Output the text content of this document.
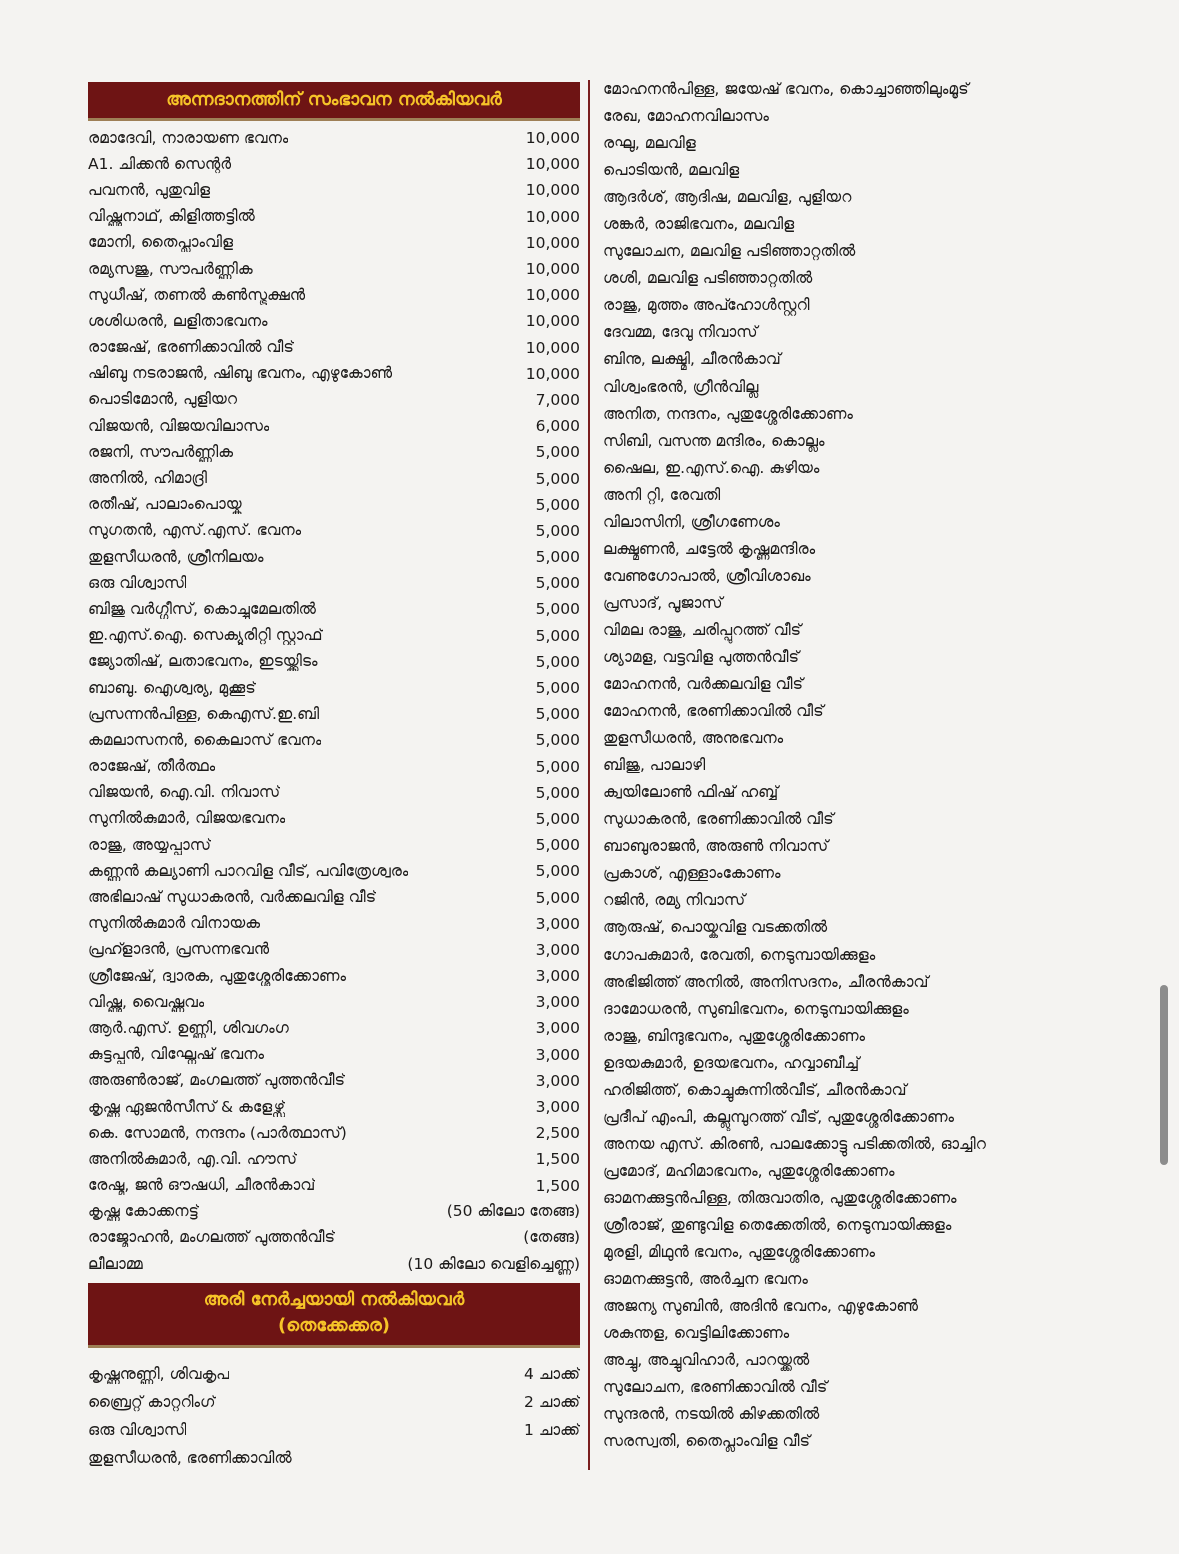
അന്നദാനത്തിന് സംഭാവന നൽകിയവർ
രമാദേവി, നാരായണ ഭവനം	10,000
A1. ചിക്കൻ സെന്റർ	10,000
പവനൻ, പുതുവിള	10,000
വിഷ്ണുനാഥ്, കിളിത്തട്ടിൽ	10,000
മോനി, തൈപ്ലാംവിള	10,000
രമ്യസജു, സൗപർണ്ണിക	10,000
സുധീഷ്, തണൽ കൺസ്ട്രക്ഷൻ	10,000
ശശിധരൻ, ലളിതാഭവനം	10,000
രാജേഷ്, ഭരണിക്കാവിൽ വീട്	10,000
ഷിബു നടരാജൻ, ഷിബു ഭവനം, എഴുകോൺ	10,000
പൊടിമോൻ, പുളിയറ	7,000
വിജയൻ, വിജയവിലാസം	6,000
രജനി, സൗപർണ്ണിക	5,000
അനിൽ, ഹിമാദ്രി	5,000
രതീഷ്, പാലാംപൊയ്ക	5,000
സുഗതൻ, എസ്.എസ്. ഭവനം	5,000
തുളസീധരൻ, ശ്രീനിലയം	5,000
ഒരു വിശ്വാസി	5,000
ബിജു വർഗ്ഗീസ്, കൊച്ചുമേലതിൽ	5,000
ഇ.എസ്.ഐ. സെക്യൂരിറ്റി സ്റ്റാഫ്	5,000
ജ്യോതിഷ്, ലതാഭവനം, ഇടയ്ക്കിടം	5,000
ബാബു. ഐശ്വര്യ, മുക്കൂട്	5,000
പ്രസന്നൻപിള്ള, കെഎസ്.ഇ.ബി	5,000
കമലാസനൻ, കൈലാസ് ഭവനം	5,000
രാജേഷ്, തീർത്ഥം	5,000
വിജയൻ, ഐ.വി. നിവാസ്	5,000
സുനിൽകുമാർ, വിജയഭവനം	5,000
രാജു, അയ്യപ്പാസ്	5,000
കണ്ണൻ കല്യാണി പാറവിള വീട്, പവിത്രേശ്വരം	5,000
അഭിലാഷ് സുധാകരൻ, വർക്കലവിള വീട്	5,000
സുനിൽകുമാർ വിനായക	3,000
പ്രഹ്ളാദൻ, പ്രസന്നഭവൻ	3,000
ശ്രീജേഷ്, ദ്വാരക, പുതുശ്ശേരിക്കോണം	3,000
വിഷ്ണു, വൈഷ്ണവം	3,000
ആർ.എസ്. ഉണ്ണി, ശിവഗംഗ	3,000
കുട്ടപ്പൻ, വിഘ്നേഷ് ഭവനം	3,000
അരുൺരാജ്, മംഗലത്ത് പുത്തൻവീട്	3,000
കൃഷ്ണ ഏജൻസീസ് & കളേഴ്സ്	3,000
കെ. സോമൻ, നന്ദനം (പാർത്ഥാസ്)	2,500
അനിൽകുമാർ, എ.വി. ഹൗസ്	1,500
രേഷ്മ, ജൻ ഔഷധി, ചീരൻകാവ്	1,500
കൃഷ്ണ കോക്കനട്ട്	(50 കിലോ തേങ്ങ)
രാജ്മോഹൻ, മംഗലത്ത് പുത്തൻവീട്	(തേങ്ങ)
ലീലാമ്മ	(10 കിലോ വെളിച്ചെണ്ണ)
അരി നേർച്ചയായി നൽകിയവർ
(തെക്കേക്കര)
കൃഷ്ണനുണ്ണി, ശിവകൃപ	4 ചാക്ക്
ബ്രൈറ്റ് കാറ്ററിംഗ്	2 ചാക്ക്
ഒരു വിശ്വാസി	1 ചാക്ക്
തുളസീധരൻ, ഭരണിക്കാവിൽ
മോഹനൻപിള്ള, ജയേഷ് ഭവനം, കൊച്ചാഞ്ഞിലുംമൂട്
രേഖ, മോഹനവിലാസം
രഘു, മലവിള
പൊടിയൻ, മലവിള
ആദർശ്, ആദിഷ, മലവിള, പുളിയറ
ശങ്കർ, രാജിഭവനം, മലവിള
സുലോചന, മലവിള പടിഞ്ഞാറ്റതിൽ
ശശി, മലവിള പടിഞ്ഞാറ്റതിൽ
രാജു, മുത്തം അപ്ഹോൾസ്റ്ററി
ദേവമ്മ, ദേവു നിവാസ്
ബിനു, ലക്ഷ്മി, ചീരൻകാവ്
വിശ്വംഭരൻ, ഗ്രീൻവില്ല
അനിത, നന്ദനം, പുതുശ്ശേരിക്കോണം
സിബി, വസന്ത മന്ദിരം, കൊല്ലം
ഷൈല, ഇ.എസ്.ഐ. കുഴിയം
അനി റ്റി, രേവതി
വിലാസിനി, ശ്രീഗണേശം
ലക്ഷ്മണൻ, ചട്ടേൽ കൃഷ്ണമന്ദിരം
വേണുഗോപാൽ, ശ്രീവിശാഖം
പ്രസാദ്, പൂജാസ്
വിമല രാജു, ചരിപ്പുറത്ത് വീട്
ശ്യാമള, വട്ടവിള പുത്തൻവീട്
മോഹനൻ, വർക്കലവിള വീട്
മോഹനൻ, ഭരണിക്കാവിൽ വീട്
തുളസീധരൻ, അനുഭവനം
ബിജു, പാലാഴി
ക്വയിലോൺ ഫിഷ് ഹബ്ബ്
സുധാകരൻ, ഭരണിക്കാവിൽ വീട്
ബാബുരാജൻ, അരുൺ നിവാസ്
പ്രകാശ്, എള്ളാംകോണം
റജിൻ, രമ്യ നിവാസ്
ആരുഷ്, പൊയ്കവിള വടക്കതിൽ
ഗോപകുമാർ, രേവതി, നെടുമ്പായിക്കുളം
അഭിജിത്ത് അനിൽ, അനിസദനം, ചീരൻകാവ്
ദാമോധരൻ, സുബിഭവനം, നെടുമ്പായിക്കുളം
രാജു, ബിന്ദുഭവനം, പുതുശ്ശേരിക്കോണം
ഉദയകുമാർ, ഉദയഭവനം, ഹവ്വാബീച്ച്
ഹരിജിത്ത്, കൊച്ചുകുന്നിൽവീട്, ചീരൻകാവ്
പ്രദീപ് എംപി, കല്ലുമ്പുറത്ത് വീട്, പുതുശ്ശേരിക്കോണം
അനയ എസ്. കിരൺ, പാലക്കോട്ടു പടിക്കതിൽ, ഓച്ചിറ
പ്രമോദ്, മഹിമാഭവനം, പുതുശ്ശേരിക്കോണം
ഓമനക്കുട്ടൻപിള്ള, തിരുവാതിര, പുതുശ്ശേരിക്കോണം
ശ്രീരാജ്, തുണ്ടുവിള തെക്കേതിൽ, നെടുമ്പായിക്കുളം
മുരളി, മിഥുൻ ഭവനം, പുതുശ്ശേരിക്കോണം
ഓമനക്കുട്ടൻ, അർച്ചന ഭവനം
അജന്യ സുബിൻ, അദിൻ ഭവനം, എഴുകോൺ
ശകുന്തള, വെട്ടിലിക്കോണം
അച്ചു, അച്ചുവിഹാർ, പാറയ്ക്കൽ
സുലോചന, ഭരണിക്കാവിൽ വീട്
സുന്ദരൻ, നടയിൽ കിഴക്കതിൽ
സരസ്വതി, തൈപ്ലാംവിള വീട്
